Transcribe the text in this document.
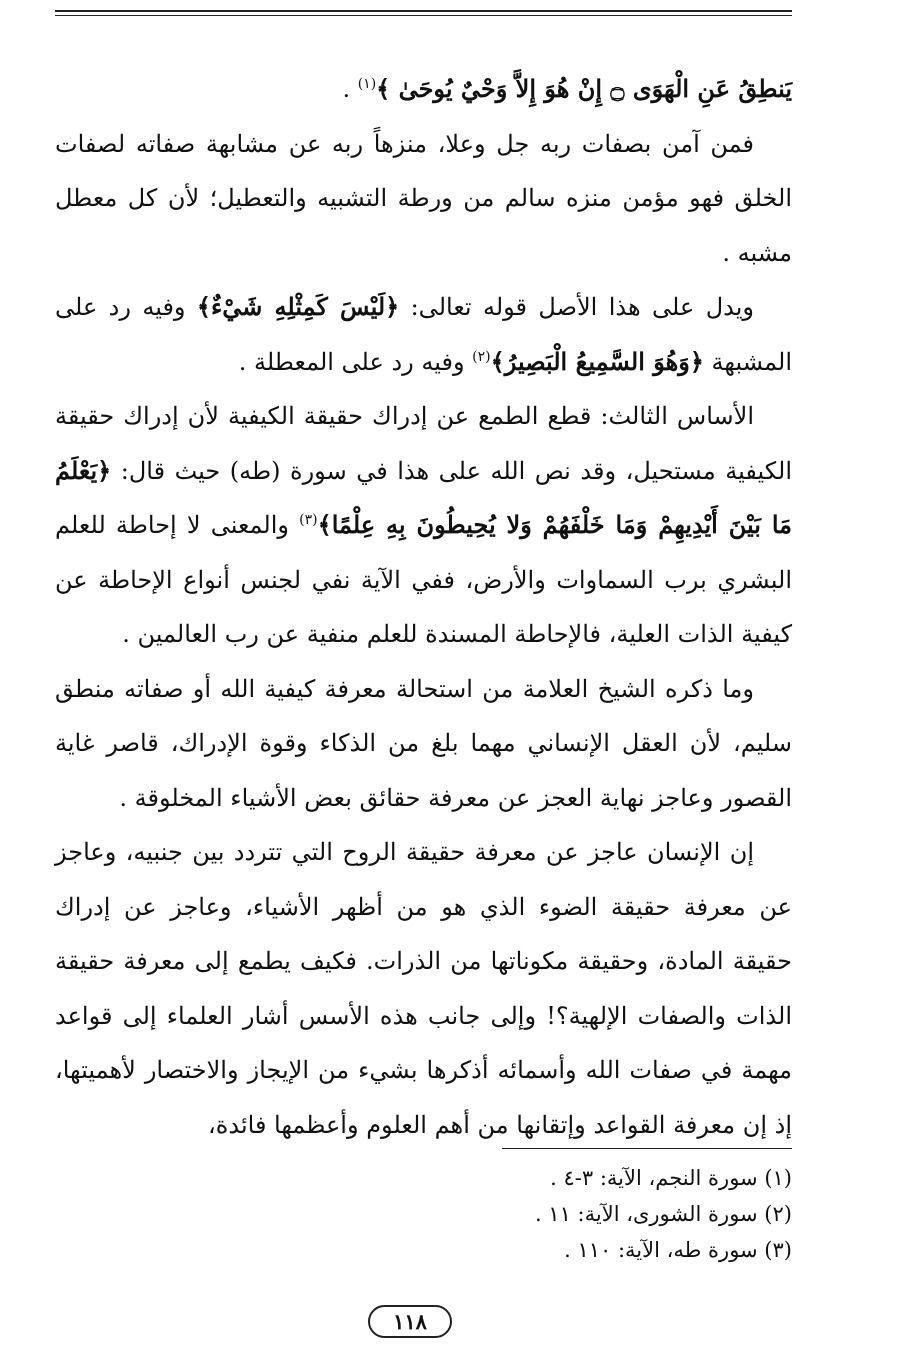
يَنطِقُ عَنِ الْهَوَى ۝ إِنْ هُوَ إِلاَّ وَحْيٌ يُوحَىٰ ﴾$^{(١)}$ .

فمن آمن بصفات ربه جل وعلا، منزهاً ربه عن مشابهة صفاته لصفات الخلق فهو مؤمن منزه سالم من ورطة التشبيه والتعطيل؛ لأن كل معطل مشبه .

ويدل على هذا الأصل قوله تعالى: ﴿لَيْسَ كَمِثْلِهِ شَيْءٌ﴾ وفيه رد على المشبهة ﴿وَهُوَ السَّمِيعُ الْبَصِيرُ﴾$^{(٢)}$ وفيه رد على المعطلة .

الأساس الثالث: قطع الطمع عن إدراك حقيقة الكيفية لأن إدراك حقيقة الكيفية مستحيل، وقد نص الله على هذا في سورة (طه) حيث قال: ﴿يَعْلَمُ مَا بَيْنَ أَيْدِيهِمْ وَمَا خَلْفَهُمْ وَلا يُحِيطُونَ بِهِ عِلْمًا﴾$^{(٣)}$ والمعنى لا إحاطة للعلم البشري برب السماوات والأرض، ففي الآية نفي لجنس أنواع الإحاطة عن كيفية الذات العلية، فالإحاطة المسندة للعلم منفية عن رب العالمين .

وما ذكره الشيخ العلامة من استحالة معرفة كيفية الله أو صفاته منطق سليم، لأن العقل الإنساني مهما بلغ من الذكاء وقوة الإدراك، قاصر غاية القصور وعاجز نهاية العجز عن معرفة حقائق بعض الأشياء المخلوقة .

إن الإنسان عاجز عن معرفة حقيقة الروح التي تتردد بين جنبيه، وعاجز عن معرفة حقيقة الضوء الذي هو من أظهر الأشياء، وعاجز عن إدراك حقيقة المادة، وحقيقة مكوناتها من الذرات. فكيف يطمع إلى معرفة حقيقة الذات والصفات الإلهية؟! وإلى جانب هذه الأسس أشار العلماء إلى قواعد مهمة في صفات الله وأسمائه أذكرها بشيء من الإيجاز والاختصار لأهميتها، إذ إن معرفة القواعد وإتقانها من أهم العلوم وأعظمها فائدة،

(١) سورة النجم، الآية: ٣-٤ .
(٢) سورة الشورى، الآية: ١١ .
(٣) سورة طه، الآية: ١١٠ .
١١٨
